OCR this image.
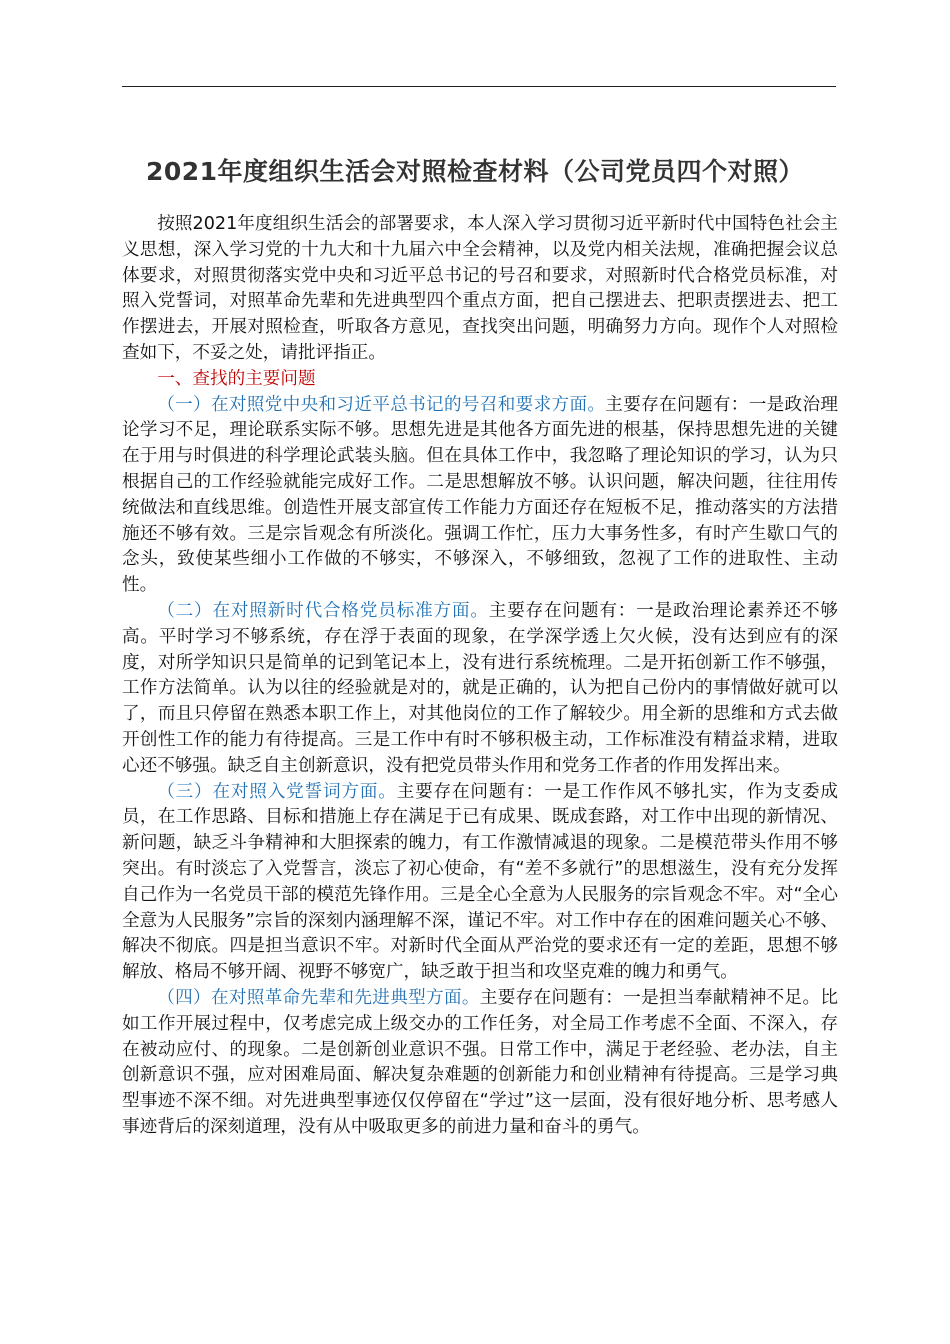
2021年度组织生活会对照检查材料（公司党员四个对照）

按照2021年度组织生活会的部署要求，本人深入学习贯彻习近平新时代中国特色社会主义思想，深入学习党的十九大和十九届六中全会精神，以及党内相关法规，准确把握会议总体要求，对照贯彻落实党中央和习近平总书记的号召和要求，对照新时代合格党员标准，对照入党誓词，对照革命先辈和先进典型四个重点方面，把自己摆进去、把职责摆进去、把工作摆进去，开展对照检查，听取各方意见，查找突出问题，明确努力方向。现作个人对照检查如下，不妥之处，请批评指正。

一、查找的主要问题

（一）在对照党中央和习近平总书记的号召和要求方面。主要存在问题有：一是政治理论学习不足，理论联系实际不够。思想先进是其他各方面先进的根基，保持思想先进的关键在于用与时俱进的科学理论武装头脑。但在具体工作中，我忽略了理论知识的学习，认为只根据自己的工作经验就能完成好工作。二是思想解放不够。认识问题，解决问题，往往用传统做法和直线思维。创造性开展支部宣传工作能力方面还存在短板不足，推动落实的方法措施还不够有效。三是宗旨观念有所淡化。强调工作忙，压力大事务性多，有时产生歇口气的念头，致使某些细小工作做的不够实，不够深入，不够细致，忽视了工作的进取性、主动性。

（二）在对照新时代合格党员标准方面。主要存在问题有：一是政治理论素养还不够高。平时学习不够系统，存在浮于表面的现象，在学深学透上欠火候，没有达到应有的深度，对所学知识只是简单的记到笔记本上，没有进行系统梳理。二是开拓创新工作不够强，工作方法简单。认为以往的经验就是对的，就是正确的，认为把自己份内的事情做好就可以了，而且只停留在熟悉本职工作上，对其他岗位的工作了解较少。用全新的思维和方式去做开创性工作的能力有待提高。三是工作中有时不够积极主动，工作标准没有精益求精，进取心还不够强。缺乏自主创新意识，没有把党员带头作用和党务工作者的作用发挥出来。

（三）在对照入党誓词方面。主要存在问题有：一是工作作风不够扎实，作为支委成员，在工作思路、目标和措施上存在满足于已有成果、既成套路，对工作中出现的新情况、新问题，缺乏斗争精神和大胆探索的魄力，有工作激情减退的现象。二是模范带头作用不够突出。有时淡忘了入党誓言，淡忘了初心使命，有“差不多就行”的思想滋生，没有充分发挥自己作为一名党员干部的模范先锋作用。三是全心全意为人民服务的宗旨观念不牢。对“全心全意为人民服务”宗旨的深刻内涵理解不深，谨记不牢。对工作中存在的困难问题关心不够、解决不彻底。四是担当意识不牢。对新时代全面从严治党的要求还有一定的差距，思想不够解放、格局不够开阔、视野不够宽广，缺乏敢于担当和攻坚克难的魄力和勇气。

（四）在对照革命先辈和先进典型方面。主要存在问题有：一是担当奉献精神不足。比如工作开展过程中，仅考虑完成上级交办的工作任务，对全局工作考虑不全面、不深入，存在被动应付、的现象。二是创新创业意识不强。日常工作中，满足于老经验、老办法，自主创新意识不强，应对困难局面、解决复杂难题的创新能力和创业精神有待提高。三是学习典型事迹不深不细。对先进典型事迹仅仅停留在“学过”这一层面，没有很好地分析、思考感人事迹背后的深刻道理，没有从中吸取更多的前进力量和奋斗的勇气。
